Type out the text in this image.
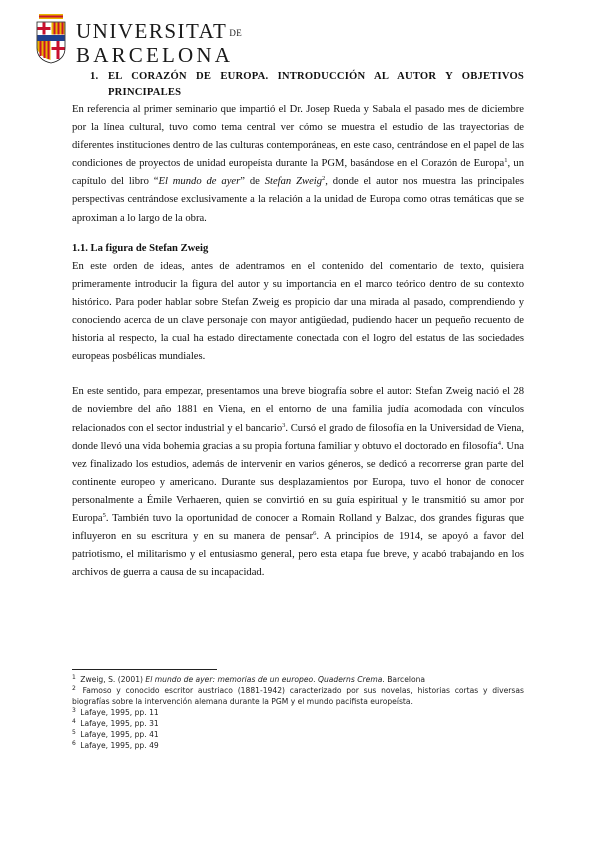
UNIVERSITAT DE
BARCELONA
1. EL CORAZÓN DE EUROPA. INTRODUCCIÓN AL AUTOR Y OBJETIVOS PRINCIPALES

En referencia al primer seminario que impartió el Dr. Josep Rueda y Sabala el pasado mes de diciembre por la línea cultural, tuvo como tema central ver cómo se muestra el estudio de las trayectorias de diferentes instituciones dentro de las culturas contemporáneas, en este caso, centrándose en el papel de las condiciones de proyectos de unidad europeísta durante la PGM, basándose en el Corazón de Europa$^1$, un capítulo del libro “El mundo de ayer” de Stefan Zweig$^2$, donde el autor nos muestra las principales perspectivas centrándose exclusivamente a la relación a la unidad de Europa como otras temáticas que se aproximan a lo largo de la obra.

1.1. La figura de Stefan Zweig

En este orden de ideas, antes de adentramos en el contenido del comentario de texto, quisiera primeramente introducir la figura del autor y su importancia en el marco teórico dentro de su contexto histórico. Para poder hablar sobre Stefan Zweig es propicio dar una mirada al pasado, comprendiendo y conociendo acerca de un clave personaje con mayor antigüedad, pudiendo hacer un pequeño recuento de historia al respecto, la cual ha estado directamente conectada con el logro del estatus de las sociedades europeas posbélicas mundiales.

En este sentido, para empezar, presentamos una breve biografía sobre el autor: Stefan Zweig nació el 28 de noviembre del año 1881 en Viena, en el entorno de una familia judía acomodada con vínculos relacionados con el sector industrial y el bancario$^3$. Cursó el grado de filosofía en la Universidad de Viena, donde llevó una vida bohemia gracias a su propia fortuna familiar y obtuvo el doctorado en filosofía$^4$. Una vez finalizado los estudios, además de intervenir en varios géneros, se dedicó a recorrerse gran parte del continente europeo y americano. Durante sus desplazamientos por Europa, tuvo el honor de conocer personalmente a Émile Verhaeren, quien se convirtió en su guía espiritual y le transmitió su amor por Europa$^5$. También tuvo la oportunidad de conocer a Romain Rolland y Balzac, dos grandes figuras que influyeron en su escritura y en su manera de pensar$^6$. A principios de 1914, se apoyó a favor del patriotismo, el militarismo y el entusiasmo general, pero esta etapa fue breve, y acabó trabajando en los archivos de guerra a causa de su incapacidad.

$^1$ Zweig, S. (2001) El mundo de ayer: memorias de un europeo. Quaderns Crema. Barcelona
$^2$ Famoso y conocido escritor austriaco (1881-1942) caracterizado por sus novelas, historias cortas y diversas biografías sobre la intervención alemana durante la PGM y el mundo pacifista europeísta.
$^3$ Lafaye, 1995, pp. 11
$^4$ Lafaye, 1995, pp. 31
$^5$ Lafaye, 1995, pp. 41
$^6$ Lafaye, 1995, pp. 49
